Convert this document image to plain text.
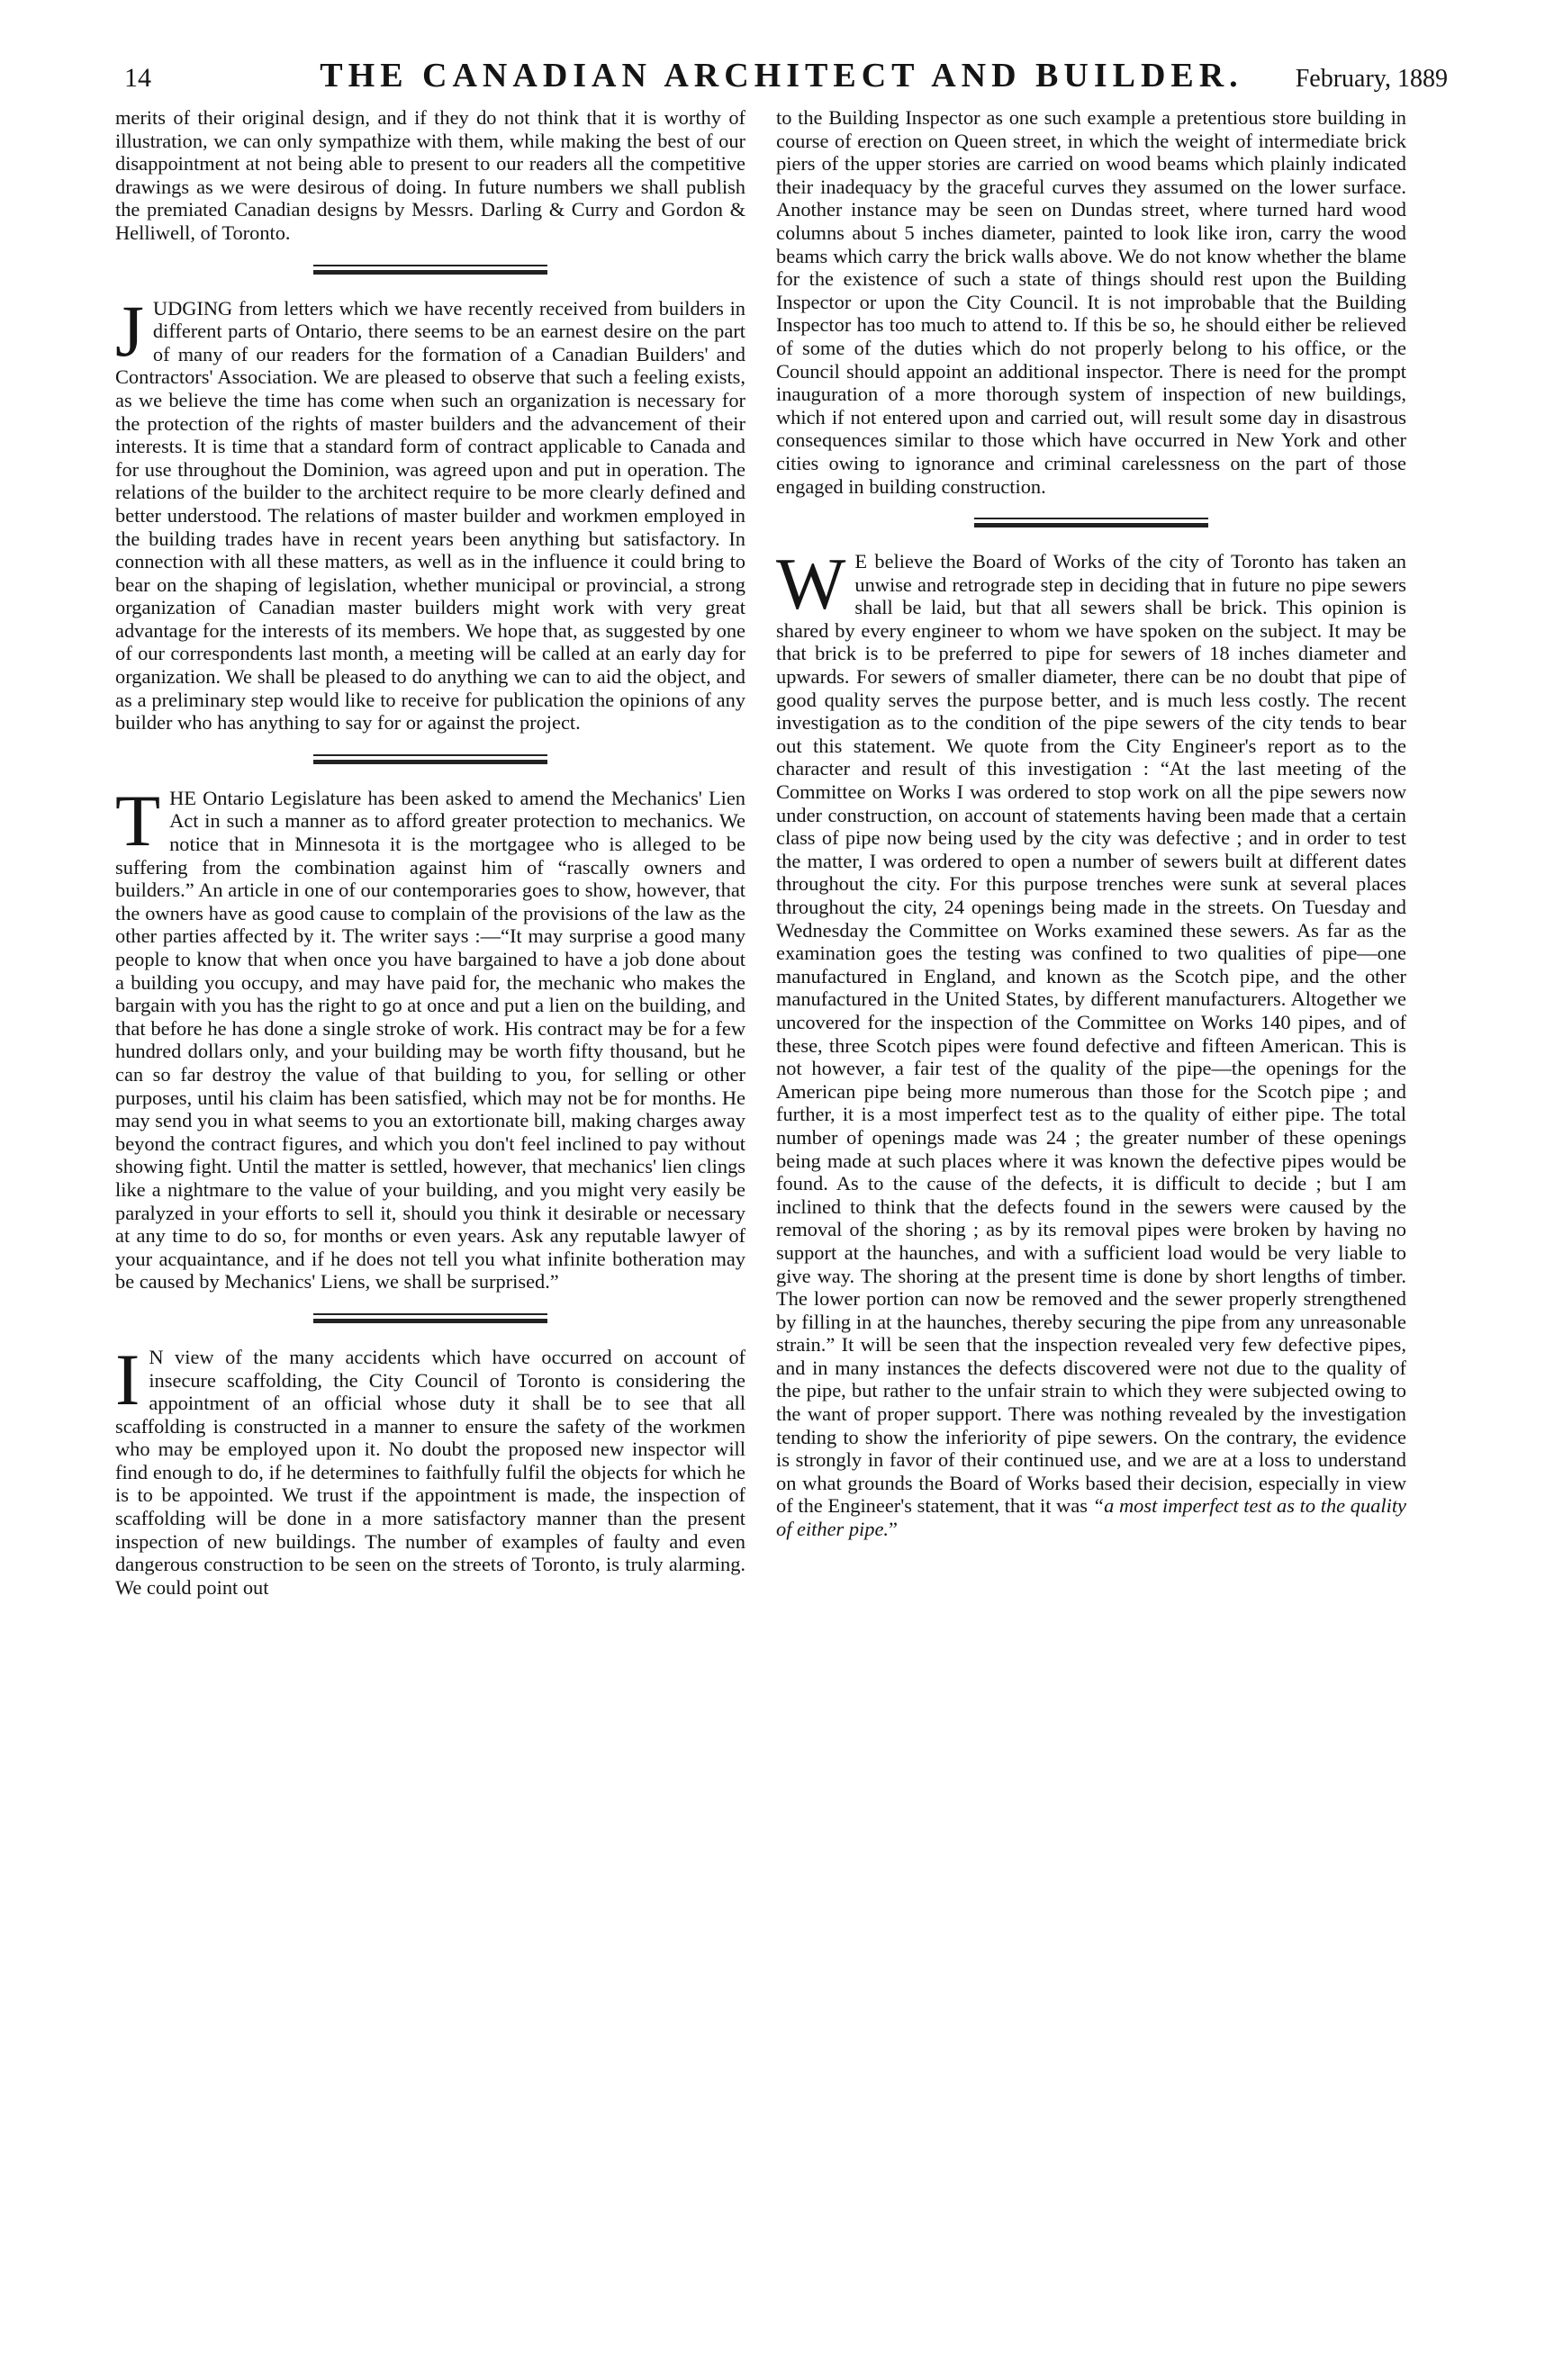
14	THE CANADIAN ARCHITECT AND BUILDER.	February, 1889

merits of their original design, and if they do not think that it is worthy of illustration, we can only sympathize with them, while making the best of our disappointment at not being able to present to our readers all the competitive drawings as we were desirous of doing. In future numbers we shall publish the premiated Canadian designs by Messrs. Darling & Curry and Gordon & Helliwell, of Toronto.

JUDGING from letters which we have recently received from builders in different parts of Ontario, there seems to be an earnest desire on the part of many of our readers for the formation of a Canadian Builders' and Contractors' Association. We are pleased to observe that such a feeling exists, as we believe the time has come when such an organization is necessary for the protection of the rights of master builders and the advancement of their interests. It is time that a standard form of contract applicable to Canada and for use throughout the Dominion, was agreed upon and put in operation. The relations of the builder to the architect require to be more clearly defined and better understood. The relations of master builder and workmen employed in the building trades have in recent years been anything but satisfactory. In connection with all these matters, as well as in the influence it could bring to bear on the shaping of legislation, whether municipal or provincial, a strong organization of Canadian master builders might work with very great advantage for the interests of its members. We hope that, as suggested by one of our correspondents last month, a meeting will be called at an early day for organization. We shall be pleased to do anything we can to aid the object, and as a preliminary step would like to receive for publication the opinions of any builder who has anything to say for or against the project.

THE Ontario Legislature has been asked to amend the Mechanics' Lien Act in such a manner as to afford greater protection to mechanics. We notice that in Minnesota it is the mortgagee who is alleged to be suffering from the combination against him of “rascally owners and builders.” An article in one of our contemporaries goes to show, however, that the owners have as good cause to complain of the provisions of the law as the other parties affected by it. The writer says :—“It may surprise a good many people to know that when once you have bargained to have a job done about a building you occupy, and may have paid for, the mechanic who makes the bargain with you has the right to go at once and put a lien on the building, and that before he has done a single stroke of work. His contract may be for a few hundred dollars only, and your building may be worth fifty thousand, but he can so far destroy the value of that building to you, for selling or other purposes, until his claim has been satisfied, which may not be for months. He may send you in what seems to you an extortionate bill, making charges away beyond the contract figures, and which you don't feel inclined to pay without showing fight. Until the matter is settled, however, that mechanics' lien clings like a nightmare to the value of your building, and you might very easily be paralyzed in your efforts to sell it, should you think it desirable or necessary at any time to do so, for months or even years. Ask any reputable lawyer of your acquaintance, and if he does not tell you what infinite botheration may be caused by Mechanics' Liens, we shall be surprised.”

I N view of the many accidents which have occurred on account of insecure scaffolding, the City Council of Toronto is considering the appointment of an official whose duty it shall be to see that all scaffolding is constructed in a manner to ensure the safety of the workmen who may be employed upon it. No doubt the proposed new inspector will find enough to do, if he determines to faithfully fulfil the objects for which he is to be appointed. We trust if the appointment is made, the inspection of scaffolding will be done in a more satisfactory manner than the present inspection of new buildings. The number of examples of faulty and even dangerous construction to be seen on the streets of Toronto, is truly alarming. We could point out

to the Building Inspector as one such example a pretentious store building in course of erection on Queen street, in which the weight of intermediate brick piers of the upper stories are carried on wood beams which plainly indicated their inadequacy by the graceful curves they assumed on the lower surface. Another instance may be seen on Dundas street, where turned hard wood columns about 5 inches diameter, painted to look like iron, carry the wood beams which carry the brick walls above. We do not know whether the blame for the existence of such a state of things should rest upon the Building Inspector or upon the City Council. It is not improbable that the Building Inspector has too much to attend to. If this be so, he should either be relieved of some of the duties which do not properly belong to his office, or the Council should appoint an additional inspector. There is need for the prompt inauguration of a more thorough system of inspection of new buildings, which if not entered upon and carried out, will result some day in disastrous consequences similar to those which have occurred in New York and other cities owing to ignorance and criminal carelessness on the part of those engaged in building construction.

W E believe the Board of Works of the city of Toronto has taken an unwise and retrograde step in deciding that in future no pipe sewers shall be laid, but that all sewers shall be brick. This opinion is shared by every engineer to whom we have spoken on the subject. It may be that brick is to be preferred to pipe for sewers of 18 inches diameter and upwards. For sewers of smaller diameter, there can be no doubt that pipe of good quality serves the purpose better, and is much less costly. The recent investigation as to the condition of the pipe sewers of the city tends to bear out this statement. We quote from the City Engineer's report as to the character and result of this investigation : “At the last meeting of the Committee on Works I was ordered to stop work on all the pipe sewers now under construction, on account of statements having been made that a certain class of pipe now being used by the city was defective ; and in order to test the matter, I was ordered to open a number of sewers built at different dates throughout the city. For this purpose trenches were sunk at several places throughout the city, 24 openings being made in the streets. On Tuesday and Wednesday the Committee on Works examined these sewers. As far as the examination goes the testing was confined to two qualities of pipe—one manufactured in England, and known as the Scotch pipe, and the other manufactured in the United States, by different manufacturers. Altogether we uncovered for the inspection of the Committee on Works 140 pipes, and of these, three Scotch pipes were found defective and fifteen American. This is not however, a fair test of the quality of the pipe—the openings for the American pipe being more numerous than those for the Scotch pipe ; and further, it is a most imperfect test as to the quality of either pipe. The total number of openings made was 24 ; the greater number of these openings being made at such places where it was known the defective pipes would be found. As to the cause of the defects, it is difficult to decide ; but I am inclined to think that the defects found in the sewers were caused by the removal of the shoring ; as by its removal pipes were broken by having no support at the haunches, and with a sufficient load would be very liable to give way. The shoring at the present time is done by short lengths of timber. The lower portion can now be removed and the sewer properly strengthened by filling in at the haunches, thereby securing the pipe from any unreasonable strain.” It will be seen that the inspection revealed very few defective pipes, and in many instances the defects discovered were not due to the quality of the pipe, but rather to the unfair strain to which they were subjected owing to the want of proper support. There was nothing revealed by the investigation tending to show the inferiority of pipe sewers. On the contrary, the evidence is strongly in favor of their continued use, and we are at a loss to understand on what grounds the Board of Works based their decision, especially in view of the Engineer's statement, that it was “a most imperfect test as to the quality of either pipe.”
